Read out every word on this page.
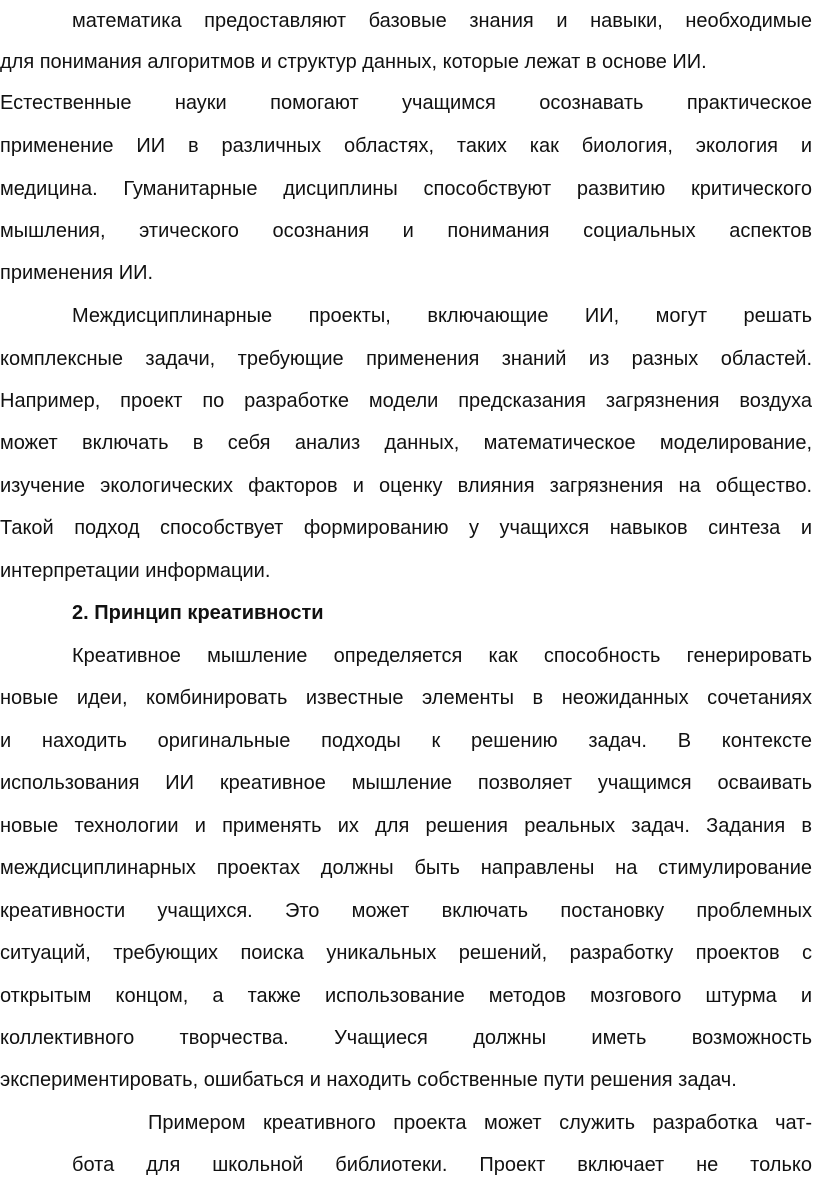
математика предоставляют базовые знания и навыки, необходимые
для понимания алгоритмов и структур данных, которые лежат в основе ИИ.
Естественные науки помогают учащимся осознавать практическое
применение ИИ в различных областях, таких как биология, экология и
медицина. Гуманитарные дисциплины способствуют развитию критического
мышления, этического осознания и понимания социальных аспектов
применения ИИ.
Междисциплинарные проекты, включающие ИИ, могут решать
комплексные задачи, требующие применения знаний из разных областей.
Например, проект по разработке модели предсказания загрязнения воздуха
может включать в себя анализ данных, математическое моделирование,
изучение экологических факторов и оценку влияния загрязнения на общество.
Такой подход способствует формированию у учащихся навыков синтеза и
интерпретации информации.
2. Принцип креативности
Креативное мышление определяется как способность генерировать
новые идеи, комбинировать известные элементы в неожиданных сочетаниях
и находить оригинальные подходы к решению задач. В контексте
использования ИИ креативное мышление позволяет учащимся осваивать
новые технологии и применять их для решения реальных задач. Задания в
междисциплинарных проектах должны быть направлены на стимулирование
креативности учащихся. Это может включать постановку проблемных
ситуаций, требующих поиска уникальных решений, разработку проектов с
открытым концом, а также использование методов мозгового штурма и
коллективного творчества. Учащиеся должны иметь возможность
экспериментировать, ошибаться и находить собственные пути решения задач.
Примером креативного проекта может служить разработка чат-
бота для школьной библиотеки. Проект включает не только
